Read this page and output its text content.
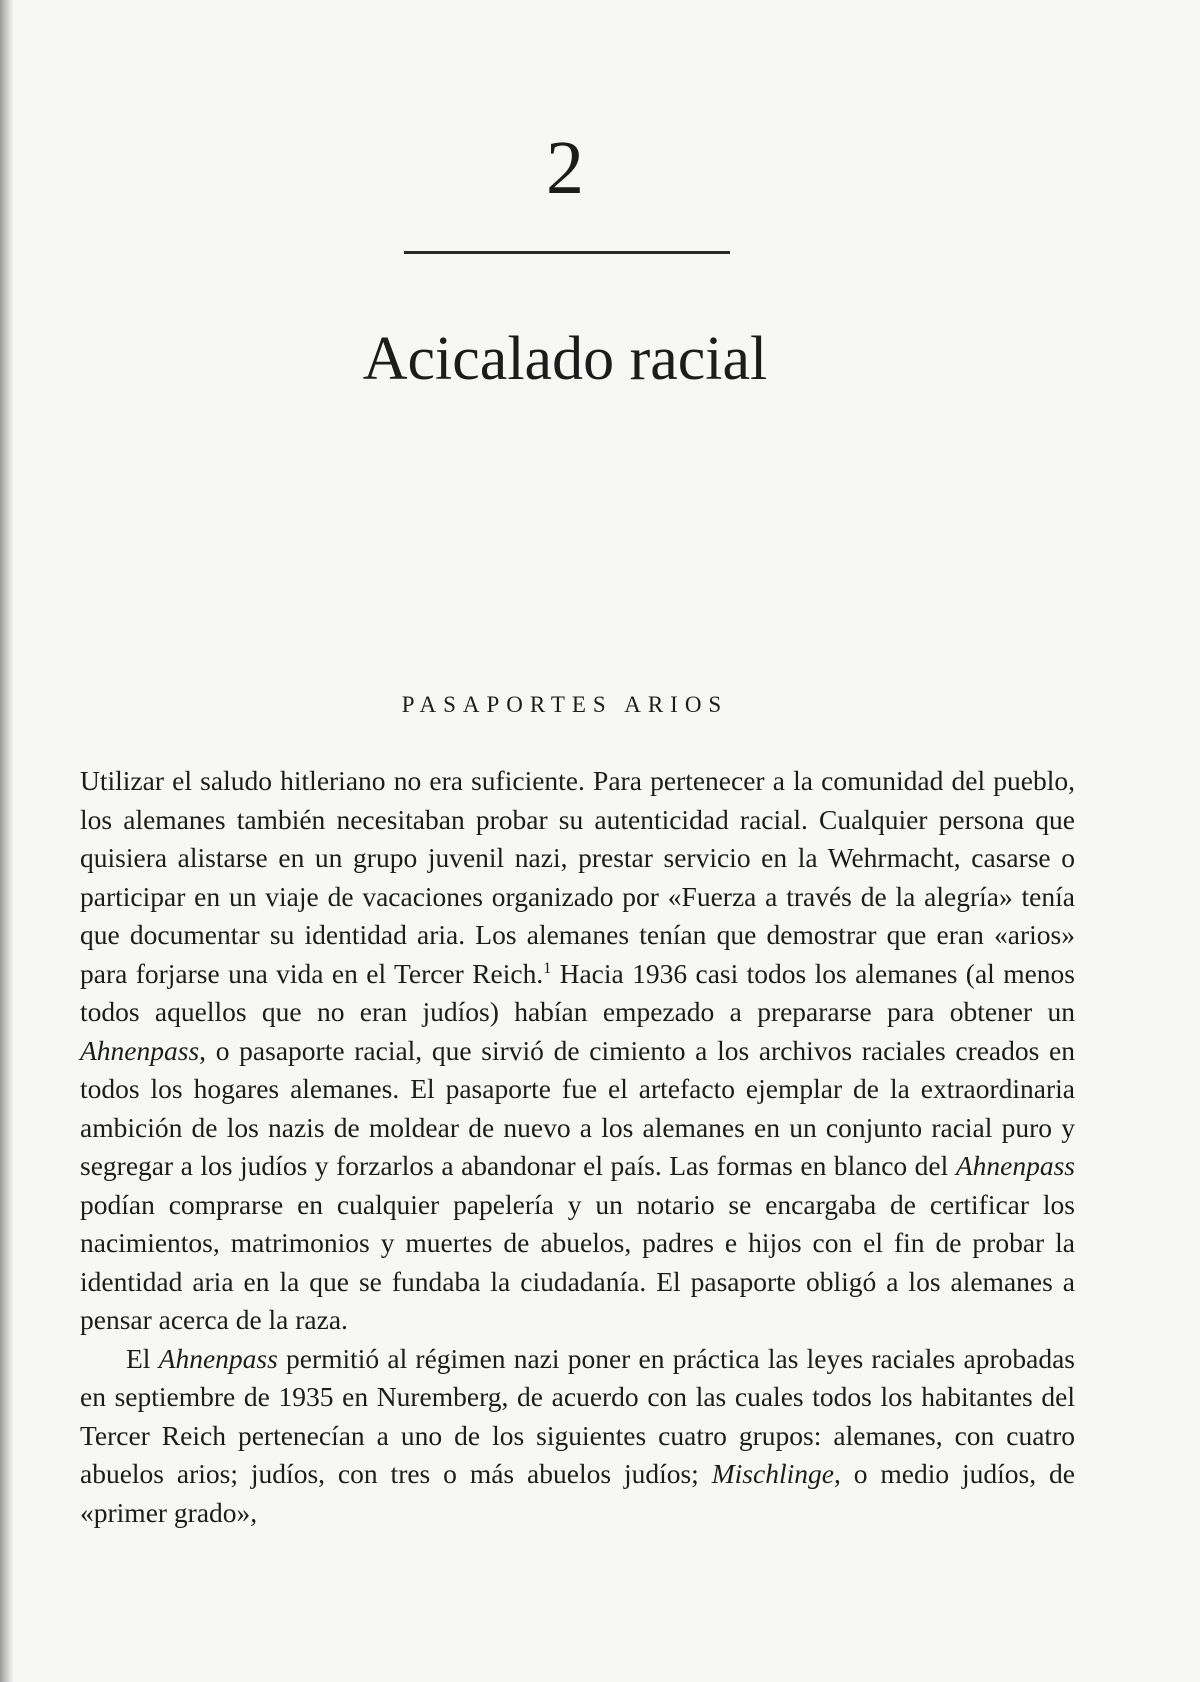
2
Acicalado racial
PASAPORTES ARIOS

Utilizar el saludo hitleriano no era suficiente. Para pertenecer a la comunidad del pueblo, los alemanes también necesitaban probar su autenticidad racial. Cualquier persona que quisiera alistarse en un grupo juvenil nazi, prestar servicio en la Wehrmacht, casarse o participar en un viaje de vacaciones organizado por «Fuerza a través de la alegría» tenía que documentar su identidad aria. Los alemanes tenían que demostrar que eran «arios» para forjarse una vida en el Tercer Reich.$^1$ Hacia 1936 casi todos los alemanes (al menos todos aquellos que no eran judíos) habían empezado a prepararse para obtener un Ahnenpass, o pasaporte racial, que sirvió de cimiento a los archivos raciales creados en todos los hogares alemanes. El pasaporte fue el artefacto ejemplar de la extraordinaria ambición de los nazis de moldear de nuevo a los alemanes en un conjunto racial puro y segregar a los judíos y forzarlos a abandonar el país. Las formas en blanco del Ahnenpass podían comprarse en cualquier papelería y un notario se encargaba de certificar los nacimientos, matrimonios y muertes de abuelos, padres e hijos con el fin de probar la identidad aria en la que se fundaba la ciudadanía. El pasaporte obligó a los alemanes a pensar acerca de la raza.

El Ahnenpass permitió al régimen nazi poner en práctica las leyes raciales aprobadas en septiembre de 1935 en Nuremberg, de acuerdo con las cuales todos los habitantes del Tercer Reich pertenecían a uno de los siguientes cuatro grupos: alemanes, con cuatro abuelos arios; judíos, con tres o más abuelos judíos; Mischlinge, o medio judíos, de «primer grado»,
